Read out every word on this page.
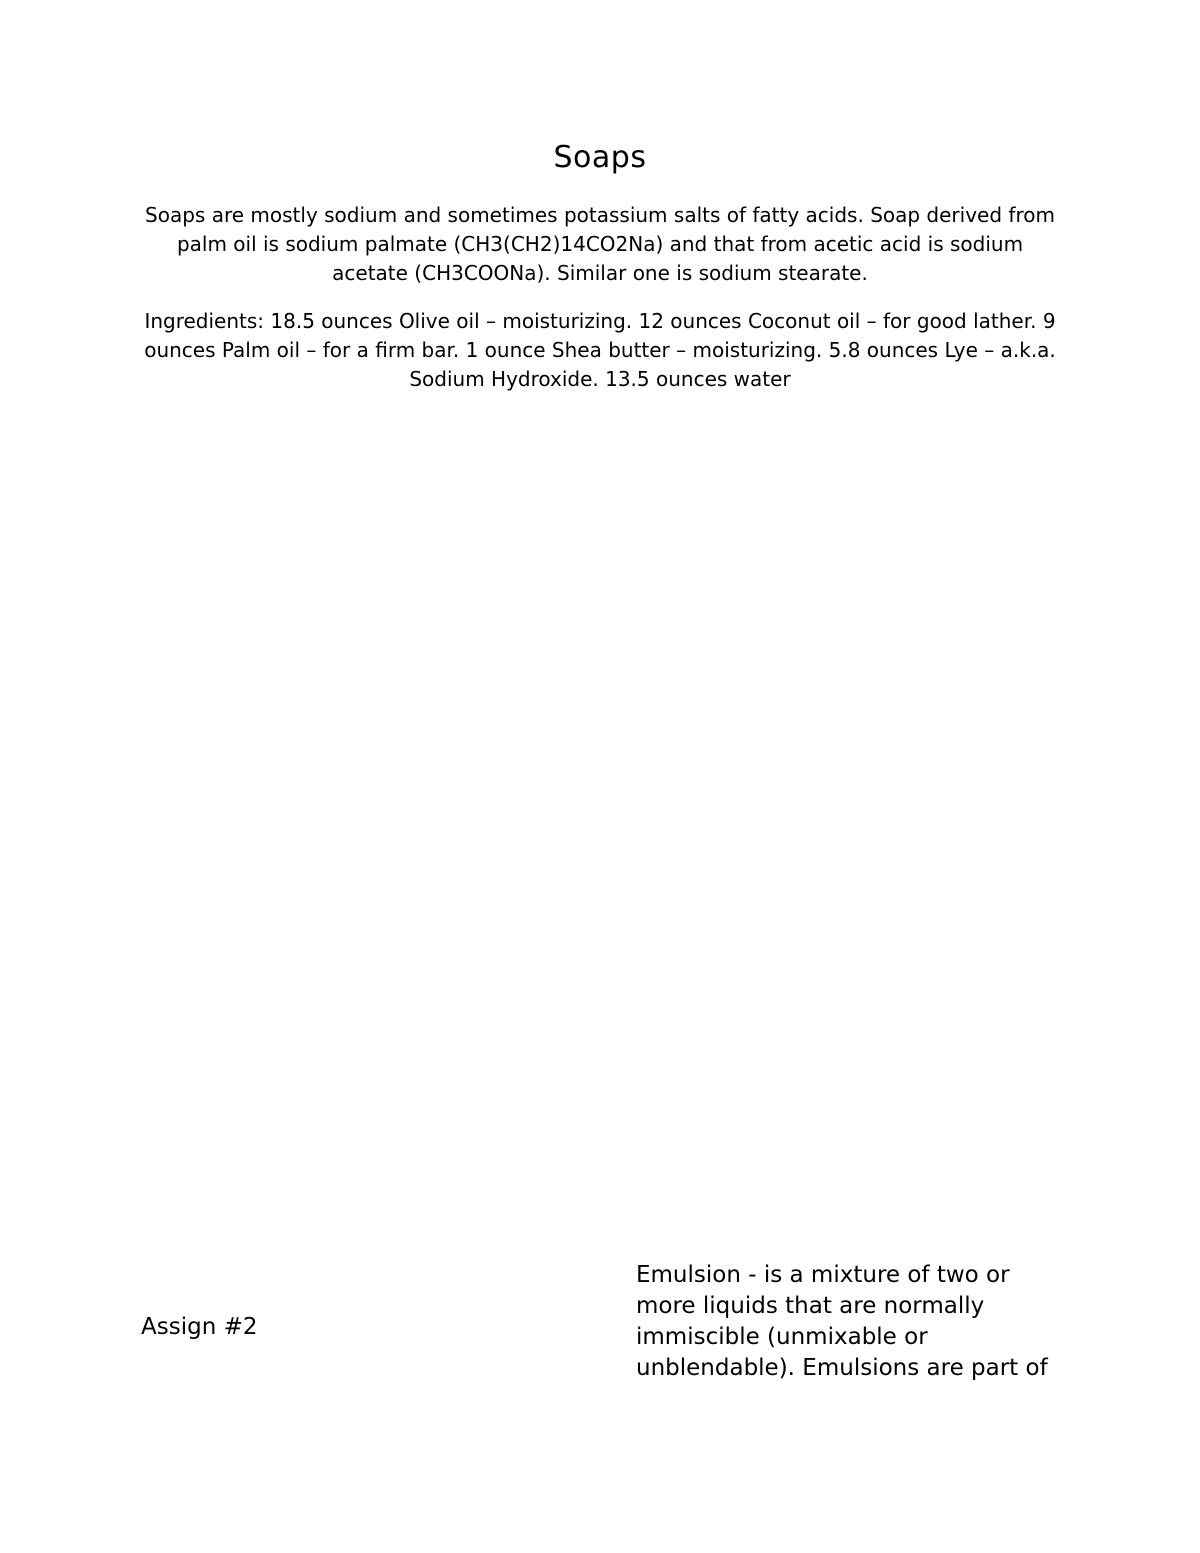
Soaps

Soaps are mostly sodium and sometimes potassium salts of fatty acids. Soap derived from palm oil is sodium palmate (CH3(CH2)14CO2Na) and that from acetic acid is sodium acetate (CH3COONa). Similar one is sodium stearate.

Ingredients: 18.5 ounces Olive oil – moisturizing. 12 ounces Coconut oil – for good lather. 9 ounces Palm oil – for a firm bar. 1 ounce Shea butter – moisturizing. 5.8 ounces Lye – a.k.a. Sodium Hydroxide. 13.5 ounces water

Assign #2

Emulsion - is a mixture of two or more liquids that are normally immiscible (unmixable or unblendable). Emulsions are part of
